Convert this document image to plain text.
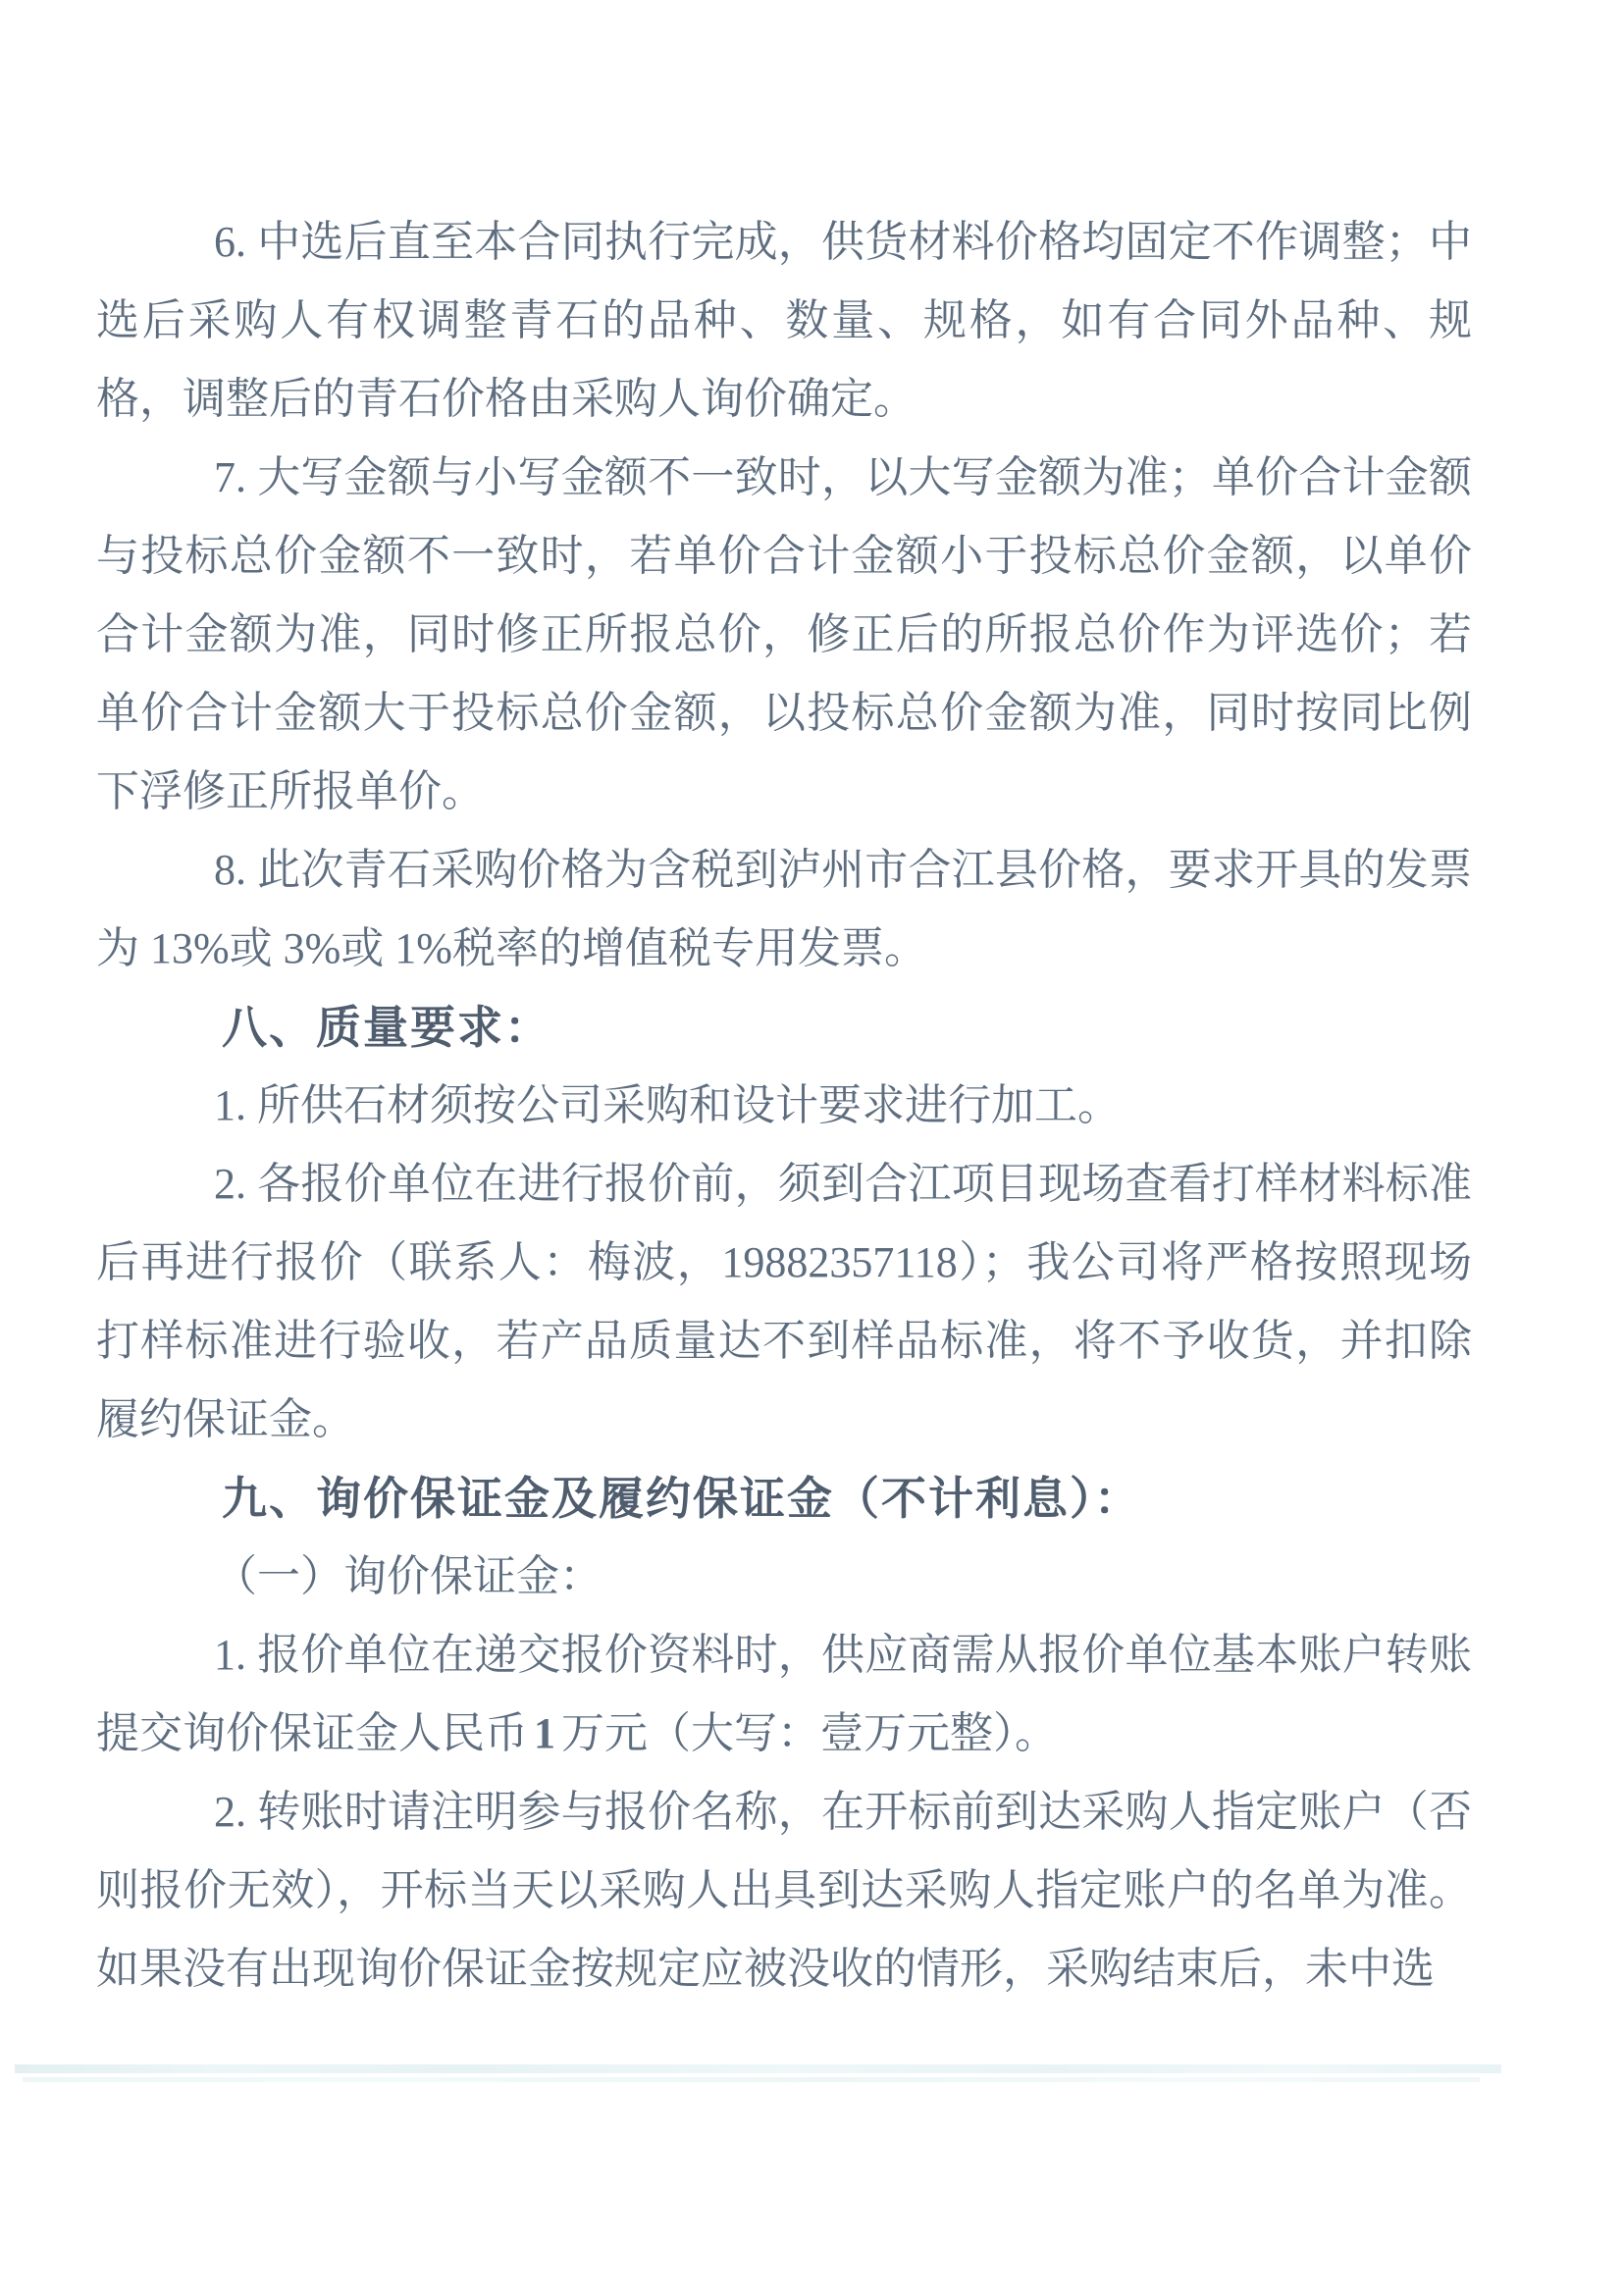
6. 中选后直至本合同执行完成，供货材料价格均固定不作调整；中选后采购人有权调整青石的品种、数量、规格，如有合同外品种、规格，调整后的青石价格由采购人询价确定。

7. 大写金额与小写金额不一致时，以大写金额为准；单价合计金额与投标总价金额不一致时，若单价合计金额小于投标总价金额，以单价合计金额为准，同时修正所报总价，修正后的所报总价作为评选价；若单价合计金额大于投标总价金额，以投标总价金额为准，同时按同比例下浮修正所报单价。

8. 此次青石采购价格为含税到泸州市合江县价格，要求开具的发票为 13%或 3%或 1%税率的增值税专用发票。

八、质量要求：

1. 所供石材须按公司采购和设计要求进行加工。

2. 各报价单位在进行报价前，须到合江项目现场查看打样材料标准后再进行报价（联系人：梅波，19882357118）；我公司将严格按照现场打样标准进行验收，若产品质量达不到样品标准，将不予收货，并扣除履约保证金。

九、询价保证金及履约保证金（不计利息）：

（一）询价保证金：

1. 报价单位在递交报价资料时，供应商需从报价单位基本账户转账提交询价保证金人民币 1 万元（大写：壹万元整）。

2. 转账时请注明参与报价名称，在开标前到达采购人指定账户（否则报价无效），开标当天以采购人出具到达采购人指定账户的名单为准。如果没有出现询价保证金按规定应被没收的情形，采购结束后，未中选
